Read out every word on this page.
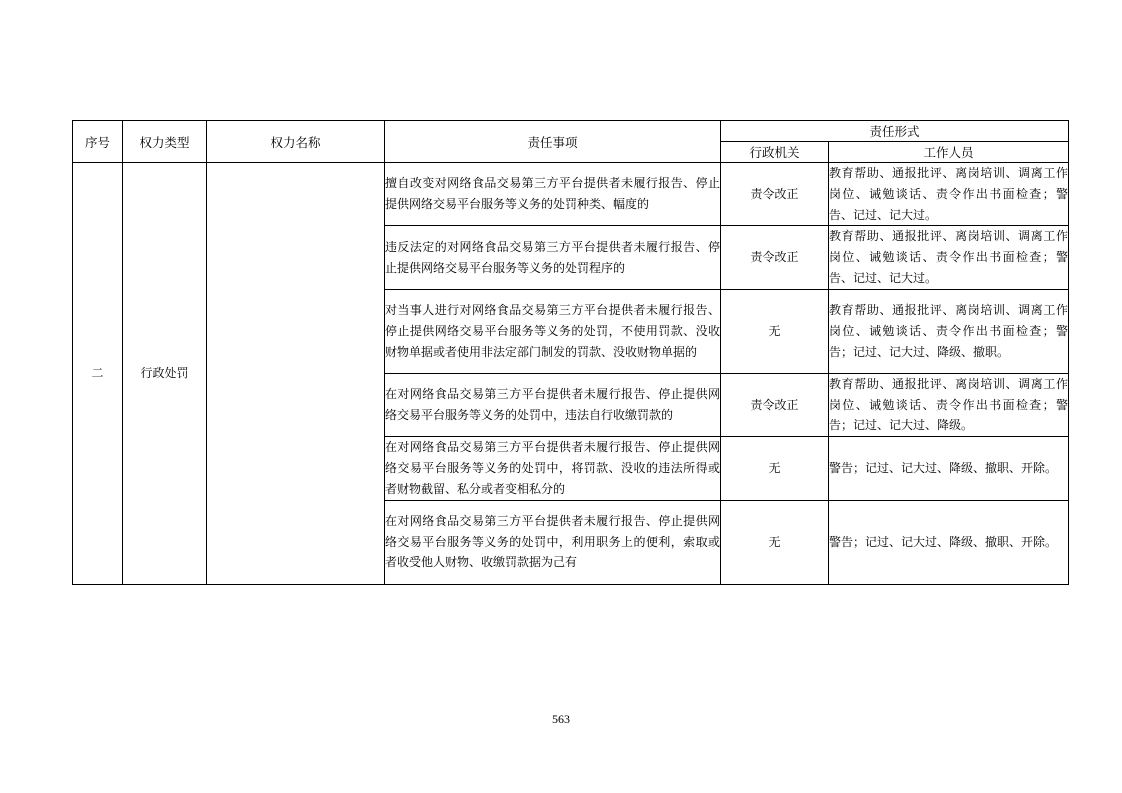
序号	权力类型	权力名称	责任事项	责任形式	
				行政机关	工作人员
二	行政处罚		擅自改变对网络食品交易第三方平台提供者未履行报告、停止提供网络交易平台服务等义务的处罚种类、幅度的	责令改正	教育帮助、通报批评、离岗培训、调离工作岗位、诫勉谈话、责令作出书面检查；警告、记过、记大过。
			违反法定的对网络食品交易第三方平台提供者未履行报告、停止提供网络交易平台服务等义务的处罚程序的	责令改正	教育帮助、通报批评、离岗培训、调离工作岗位、诫勉谈话、责令作出书面检查；警告、记过、记大过。
			对当事人进行对网络食品交易第三方平台提供者未履行报告、停止提供网络交易平台服务等义务的处罚，不使用罚款、没收财物单据或者使用非法定部门制发的罚款、没收财物单据的	无	教育帮助、通报批评、离岗培训、调离工作岗位、诫勉谈话、责令作出书面检查；警告；记过、记大过、降级、撤职。
			在对网络食品交易第三方平台提供者未履行报告、停止提供网络交易平台服务等义务的处罚中，违法自行收缴罚款的	责令改正	教育帮助、通报批评、离岗培训、调离工作岗位、诫勉谈话、责令作出书面检查；警告；记过、记大过、降级。
			在对网络食品交易第三方平台提供者未履行报告、停止提供网络交易平台服务等义务的处罚中，将罚款、没收的违法所得或者财物截留、私分或者变相私分的	无	警告；记过、记大过、降级、撤职、开除。
			在对网络食品交易第三方平台提供者未履行报告、停止提供网络交易平台服务等义务的处罚中，利用职务上的便利，索取或者收受他人财物、收缴罚款据为己有	无	警告；记过、记大过、降级、撤职、开除。
563
